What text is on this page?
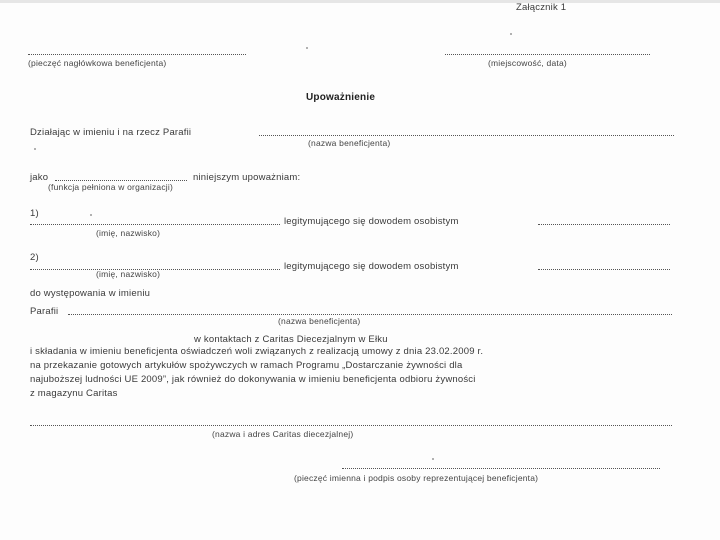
Załącznik 1
(pieczęć nagłówkowa beneficjenta)	(miejscowość, data)
Upoważnienie
Działając w imieniu i na rzecz Parafii
(nazwa beneficjenta)
jako	niniejszym upoważniam:
(funkcja pełniona w organizacji)
1)
legitymującego się dowodem osobistym
(imię, nazwisko)
2)
legitymującego się dowodem osobistym
(imię, nazwisko)
do występowania w imieniu
Parafii
(nazwa beneficjenta)
w kontaktach z Caritas Diecezjalnym w Ełku
i składania w imieniu beneficjenta oświadczeń woli związanych z realizacją umowy z dnia 23.02.2009 r.
na przekazanie gotowych artykułów spożywczych w ramach Programu „Dostarczanie żywności dla
najuboższej ludności UE 2009”, jak również do dokonywania w imieniu beneficjenta odbioru żywności
z magazynu Caritas
(nazwa i adres Caritas diecezjalnej)
(pieczęć imienna i podpis osoby reprezentującej beneficjenta)
